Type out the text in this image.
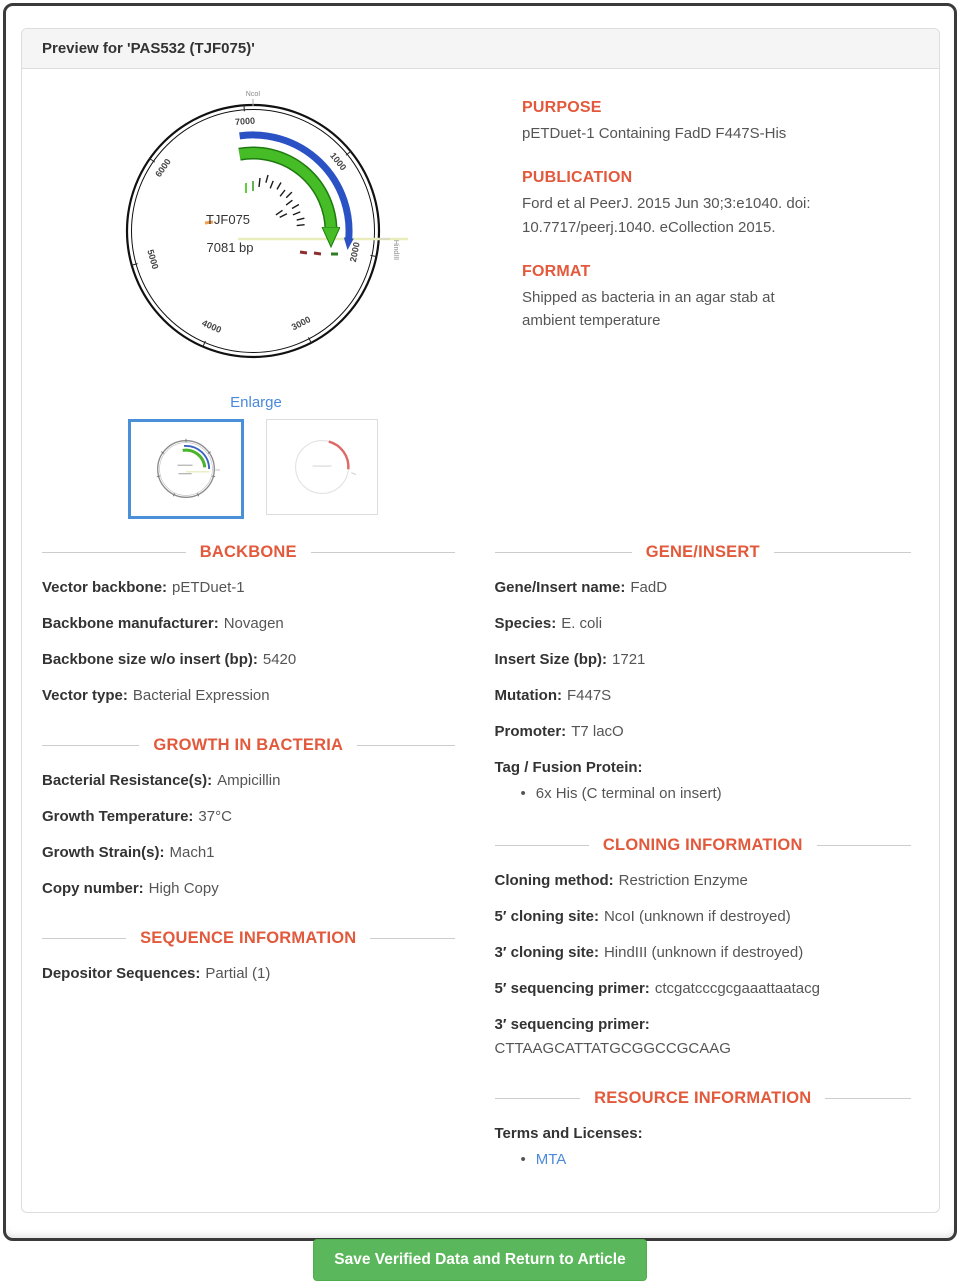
Preview for 'PAS532 (TJF075)'
1000
2000
3000
4000
5000
6000
7000
NcoI
HindIII
TJF075
7081 bp
Enlarge
PURPOSE

pETDuet-1 Containing FadD F447S-His

PUBLICATION

Ford et al PeerJ. 2015 Jun 30;3:e1040. doi: 10.7717/peerj.1040. eCollection 2015.

FORMAT

Shipped as bacteria in an agar stab at ambient temperature

BACKBONE
Vector backbone: pETDuet-1
Backbone manufacturer: Novagen
Backbone size w/o insert (bp): 5420
Vector type: Bacterial Expression
GROWTH IN BACTERIA
Bacterial Resistance(s): Ampicillin
Growth Temperature: 37°C
Growth Strain(s): Mach1
Copy number: High Copy
SEQUENCE INFORMATION
Depositor Sequences: Partial (1)
GENE/INSERT
Gene/Insert name: FadD
Species: E. coli
Insert Size (bp): 1721
Mutation: F447S
Promoter: T7 lacO
Tag / Fusion Protein:
• 6x His (C terminal on insert)
CLONING INFORMATION
Cloning method: Restriction Enzyme
5′ cloning site: NcoI (unknown if destroyed)
3′ cloning site: HindIII (unknown if destroyed)
5′ sequencing primer: ctcgatcccgcgaaattaatacg
3′ sequencing primer:
CTTAAGCATTATGCGGCCGCAAG
RESOURCE INFORMATION
Terms and Licenses:
• MTA
Save Verified Data and Return to Article
